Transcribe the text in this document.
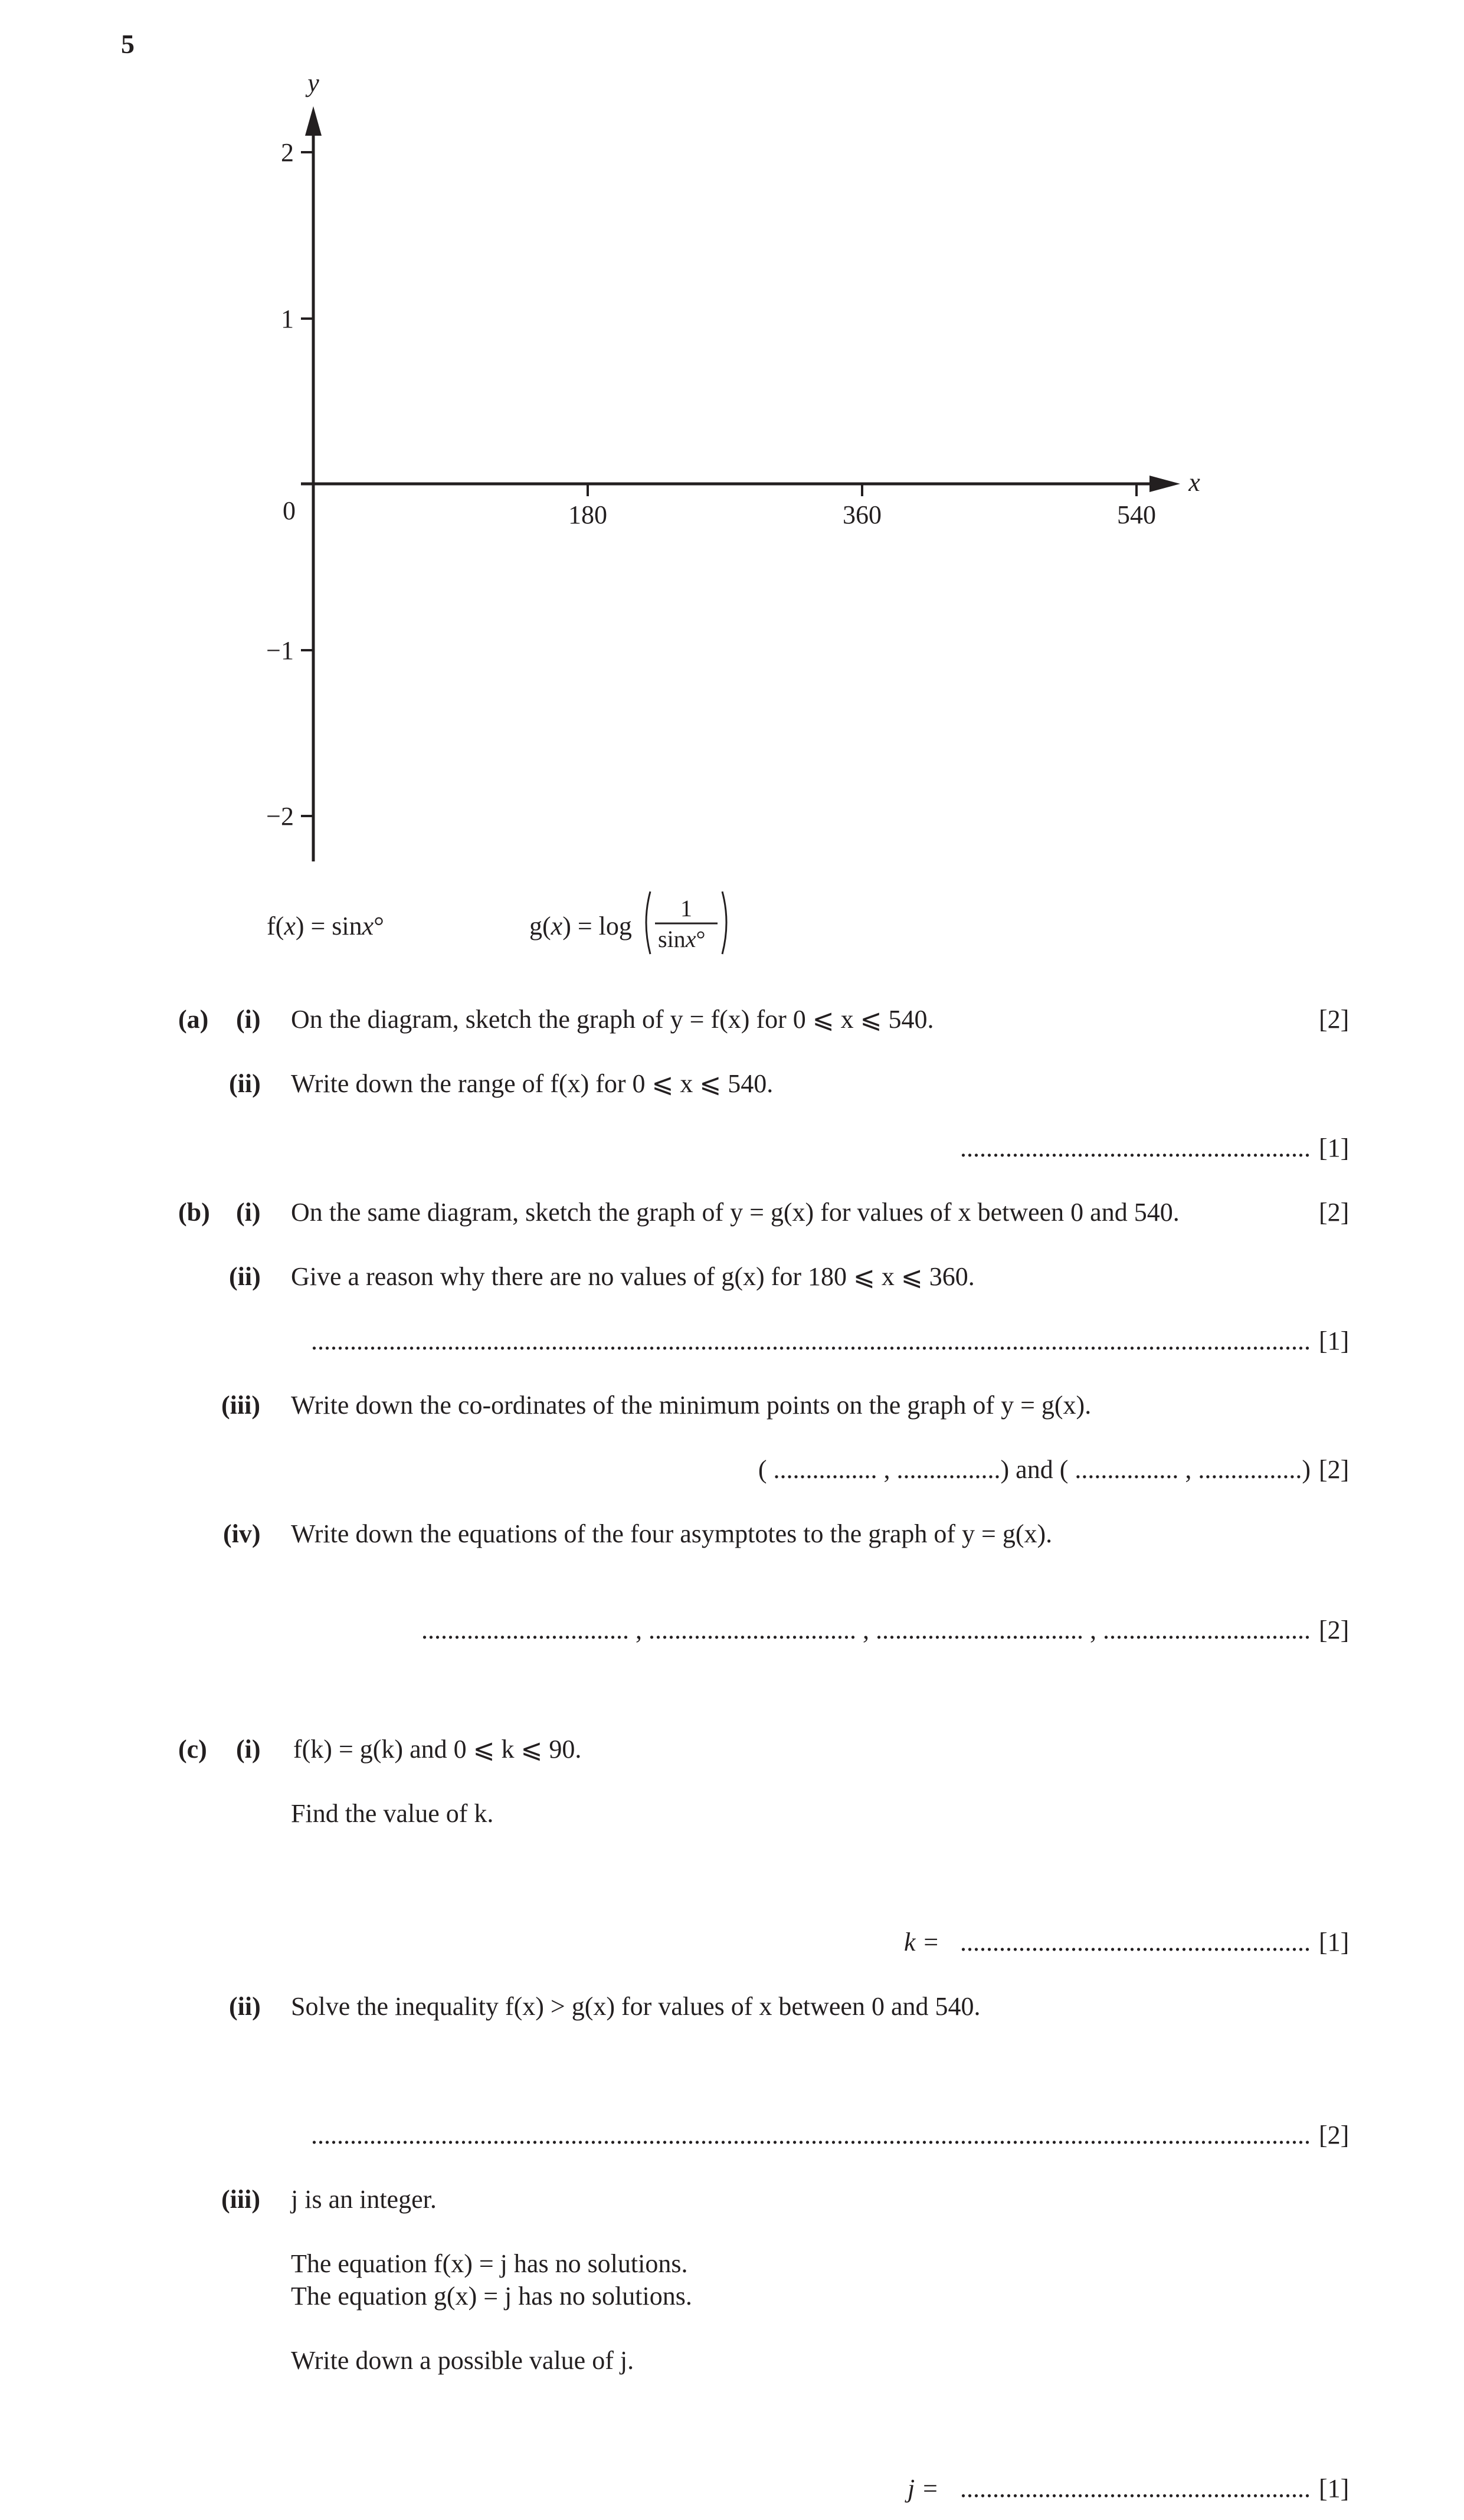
5
y
x
0
2
1
−1
−2
180	360	540
f(x) = sinx°	g(x) = log
1
sinx°
(a) (i) On the diagram, sketch the graph of y = f(x) for 0 ⩽ x ⩽ 540.	[2]
(ii) Write down the range of f(x) for 0 ⩽ x ⩽ 540.
...................................................... [1]
(b) (i) On the same diagram, sketch the graph of y = g(x) for values of x between 0 and 540.	[2]
(ii) Give a reason why there are no values of g(x) for 180 ⩽ x ⩽ 360.
.......................................................................................................................................................... [1]
(iii) Write down the co-ordinates of the minimum points on the graph of y = g(x).
( ................ , ................) and ( ................ , ................) [2]
(iv) Write down the equations of the four asymptotes to the graph of y = g(x).
................................ , ................................ , ................................ , ................................ [2]
(c) (i) f(k) = g(k) and 0 ⩽ k ⩽ 90.
Find the value of k.
k = ...................................................... [1]
(ii) Solve the inequality f(x) > g(x) for values of x between 0 and 540.
.......................................................................................................................................................... [2]
(iii) j is an integer.
The equation f(x) = j has no solutions.
The equation g(x) = j has no solutions.
Write down a possible value of j.
j = ...................................................... [1]
